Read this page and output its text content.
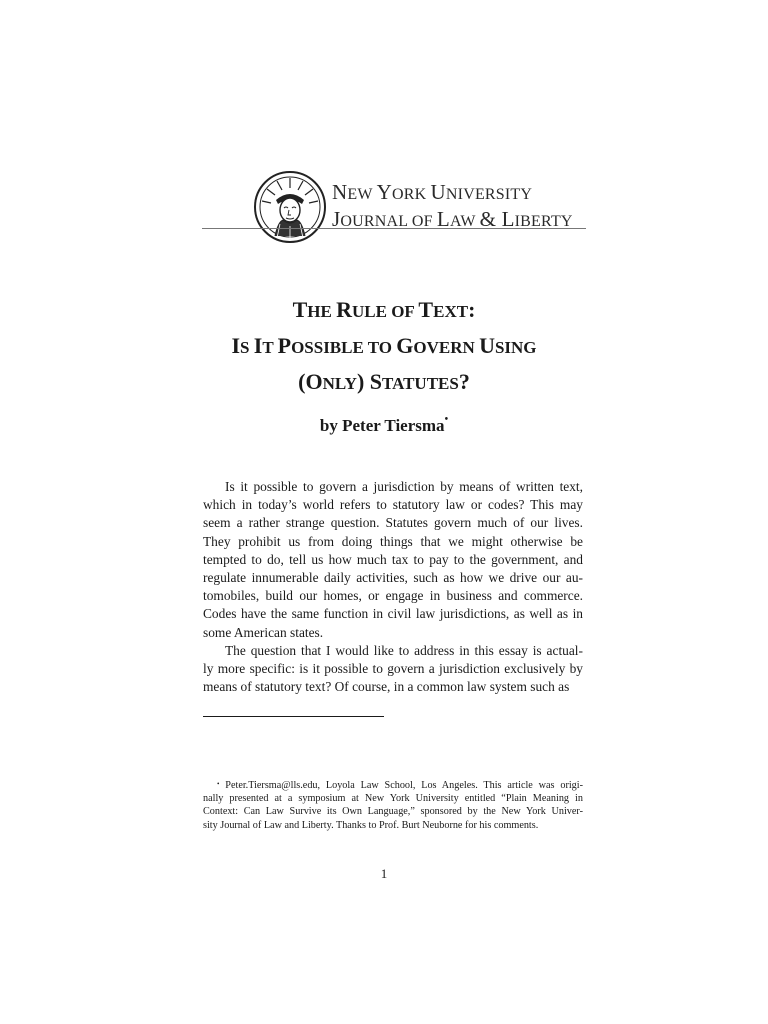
NEW YORK UNIVERSITY
JOURNAL OF LAW & LIBERTY
THE RULE OF TEXT:
IS IT POSSIBLE TO GOVERN USING
(ONLY) STATUTES?
by Peter Tiersma•
Is it possible to govern a jurisdiction by means of written text,
which in today’s world refers to statutory law or codes? This may
seem a rather strange question. Statutes govern much of our lives.
They prohibit us from doing things that we might otherwise be
tempted to do, tell us how much tax to pay to the government, and
regulate innumerable daily activities, such as how we drive our au-
tomobiles, build our homes, or engage in business and commerce.
Codes have the same function in civil law jurisdictions, as well as in
some American states.
The question that I would like to address in this essay is actual-
ly more specific: is it possible to govern a jurisdiction exclusively by
means of statutory text? Of course, in a common law system such as
• Peter.Tiersma@lls.edu, Loyola Law School, Los Angeles. This article was origi-
nally presented at a symposium at New York University entitled “Plain Meaning in
Context: Can Law Survive its Own Language,” sponsored by the New York Univer-
sity Journal of Law and Liberty. Thanks to Prof. Burt Neuborne for his comments.
1
